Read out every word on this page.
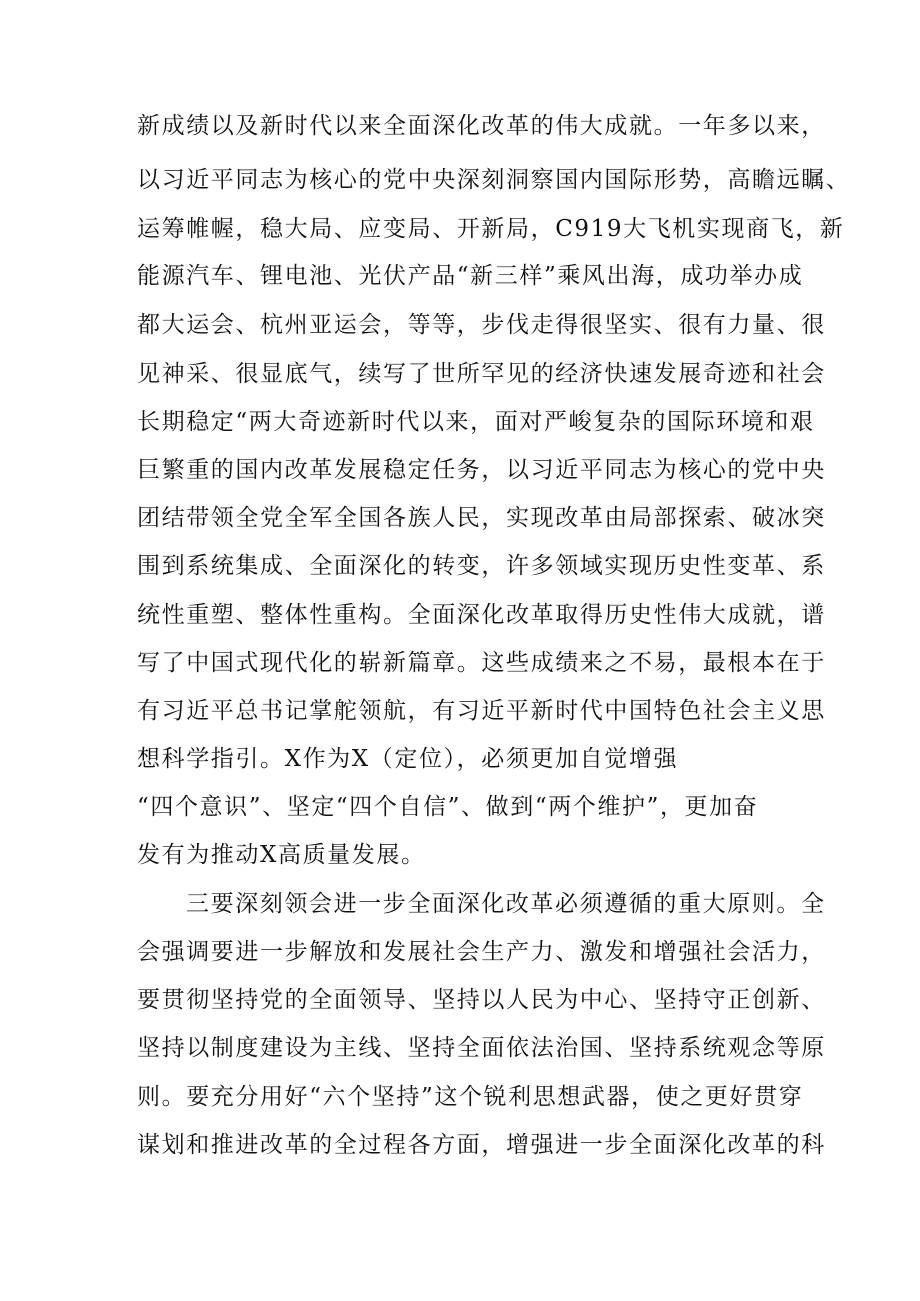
新成绩以及新时代以来全面深化改革的伟大成就。一年多以来，
以习近平同志为核心的党中央深刻洞察国内国际形势，高瞻远瞩、
运筹帷幄，稳大局、应变局、开新局，C919大飞机实现商飞，新
能源汽车、锂电池、光伏产品“新三样”乘风出海，成功举办成
都大运会、杭州亚运会，等等，步伐走得很坚实、很有力量、很
见神采、很显底气，续写了世所罕见的经济快速发展奇迹和社会
长期稳定“两大奇迹新时代以来，面对严峻复杂的国际环境和艰
巨繁重的国内改革发展稳定任务，以习近平同志为核心的党中央
团结带领全党全军全国各族人民，实现改革由局部探索、破冰突
围到系统集成、全面深化的转变，许多领域实现历史性变革、系
统性重塑、整体性重构。全面深化改革取得历史性伟大成就，谱
写了中国式现代化的崭新篇章。这些成绩来之不易，最根本在于
有习近平总书记掌舵领航，有习近平新时代中国特色社会主义思
想科学指引。X作为X（定位），必须更加自觉增强
“四个意识”、坚定“四个自信”、做到“两个维护”，更加奋
发有为推动X高质量发展。
三要深刻领会进一步全面深化改革必须遵循的重大原则。全
会强调要进一步解放和发展社会生产力、激发和增强社会活力，
要贯彻坚持党的全面领导、坚持以人民为中心、坚持守正创新、
坚持以制度建设为主线、坚持全面依法治国、坚持系统观念等原
则。要充分用好“六个坚持”这个锐利思想武器，使之更好贯穿
谋划和推进改革的全过程各方面，增强进一步全面深化改革的科
